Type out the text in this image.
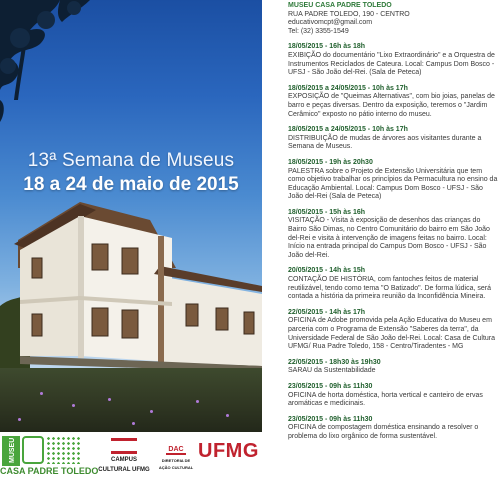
13ª Semana de Museus
18 a 24 de maio de 2015
MUSEU
CASA PADRE TOLEDO
CAMPUS
CULTURAL UFMG
DAC
DIRETORIA DE
AÇÃO CULTURAL
UFMG

MUSEU CASA PADRE TOLEDO

RUA PADRE TOLEDO, 190 - CENTRO

educativomcpt@gmail.com

Tel: (32) 3355-1549

18/05/2015 - 16h às 18h

EXIBIÇÃO do documentário "Lixo Extraordinário" e a Orquestra de Instrumentos Reciclados de Cateura. Local: Campus Dom Bosco - UFSJ - São João del-Rei. (Sala de Peteca)

18/05/2015 a 24/05/2015 - 10h às 17h

EXPOSIÇÃO de "Queimas Alternativas", com bio joias, panelas de barro e peças diversas. Dentro da exposição, teremos o "Jardim Cerâmico" exposto no pátio interno do museu.

18/05/2015 a 24/05/2015 - 10h às 17h

DISTRIBUIÇÃO de mudas de árvores aos visitantes durante a Semana de Museus.

18/05/2015 - 19h às 20h30

PALESTRA sobre o Projeto de Extensão Universitária que tem como objetivo trabalhar os princípios da Permacultura no ensino da Educação Ambiental. Local: Campus Dom Bosco - UFSJ - São João del-Rei (Sala de Peteca)

18/05/2015 - 15h às 16h

VISITAÇÃO - Visita à exposição de desenhos das crianças do Bairro São Dimas, no Centro Comunitário do bairro em São João del-Rei e visita à intervenção de imagens feitas no bairro. Local: Início na entrada principal do Campus Dom Bosco - UFSJ - São João del-Rei.

20/05/2015 - 14h às 15h

CONTAÇÃO DE HISTÓRIA, com fantoches feitos de material reutilizável, tendo como tema "O Batizado". De forma lúdica, será contada a história da primeira reunião da Inconfidência Mineira.

22/05/2015 - 14h às 17h

OFICINA de Adobe promovida pela Ação Educativa do Museu em parceria com o Programa de Extensão "Saberes da terra", da Universidade Federal de São João del-Rei. Local: Casa de Cultura UFMG/ Rua Padre Toledo, 158 - Centro/Tiradentes - MG

22/05/2015 - 18h30 às 19h30

SARAU da Sustentabilidade

23/05/2015 - 09h às 11h30

OFICINA de horta doméstica, horta vertical e canteiro de ervas aromáticas e medicinais.

23/05/2015 - 09h às 11h30

OFICINA de compostagem doméstica ensinando a resolver o problema do lixo orgânico de forma sustentável.
